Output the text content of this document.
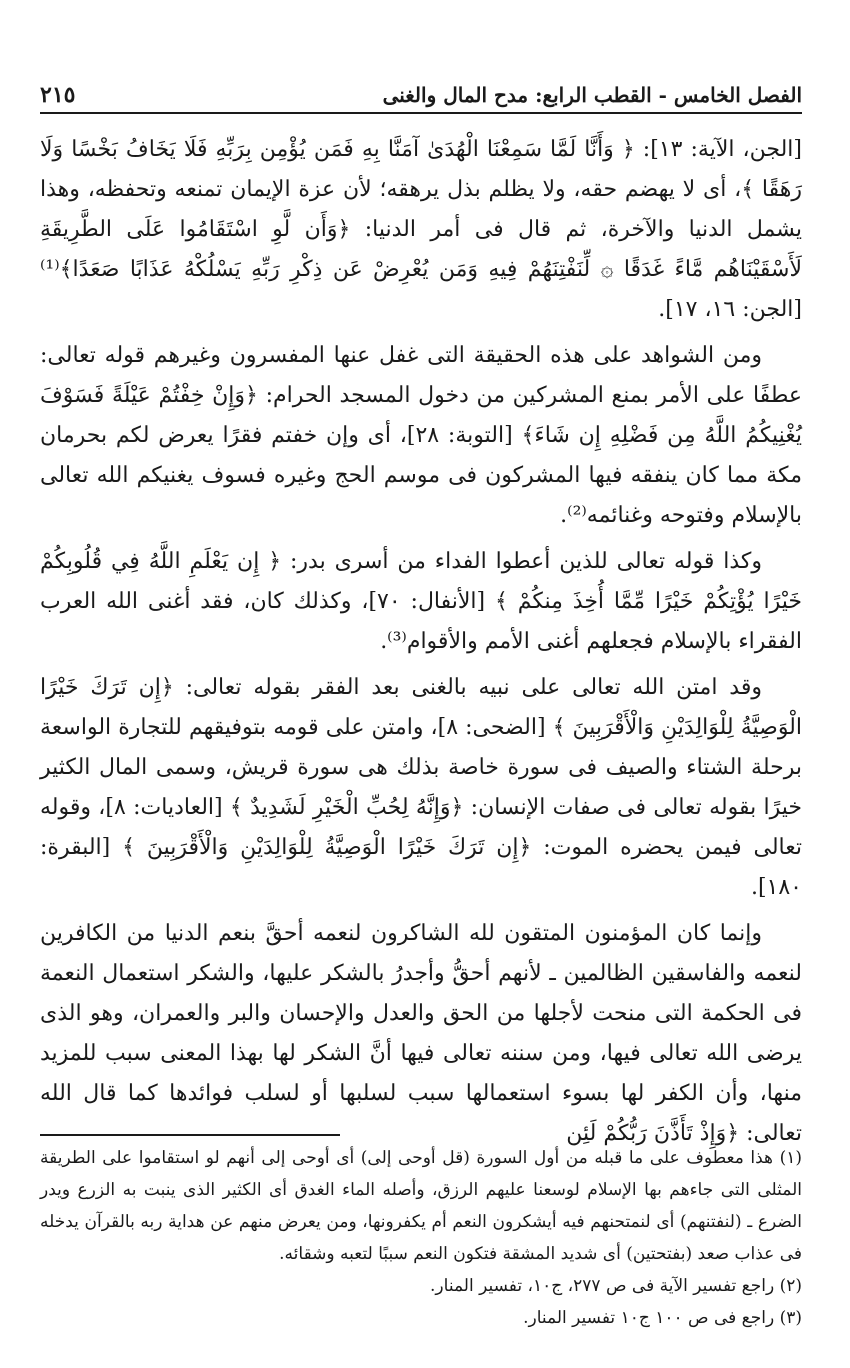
الفصل الخامس - القطب الرابع: مدح المال والغنى
٢١٥

[الجن، الآية: ١٣]: ﴿ وَأَنَّا لَمَّا سَمِعْنَا الْهُدَىٰ آمَنَّا بِهِ فَمَن يُؤْمِن بِرَبِّهِ فَلَا يَخَافُ بَخْسًا وَلَا رَهَقًا ﴾، أى لا يهضم حقه، ولا يظلم بذل يرهقه؛ لأن عزة الإيمان تمنعه وتحفظه، وهذا يشمل الدنيا والآخرة، ثم قال فى أمر الدنيا: ﴿وَأَن لَّوِ اسْتَقَامُوا عَلَى الطَّرِيقَةِ لَأَسْقَيْنَاهُم مَّاءً غَدَقًا ۞ لِّنَفْتِنَهُمْ فِيهِ وَمَن يُعْرِضْ عَن ذِكْرِ رَبِّهِ يَسْلُكْهُ عَذَابًا صَعَدًا﴾⁽¹⁾ [الجن: ١٦، ١٧].

ومن الشواهد على هذه الحقيقة التى غفل عنها المفسرون وغيرهم قوله تعالى: عطفًا على الأمر بمنع المشركين من دخول المسجد الحرام: ﴿وَإِنْ خِفْتُمْ عَيْلَةً فَسَوْفَ يُغْنِيكُمُ اللَّهُ مِن فَضْلِهِ إِن شَاءَ﴾ [التوبة: ٢٨]، أى وإن خفتم فقرًا يعرض لكم بحرمان مكة مما كان ينفقه فيها المشركون فى موسم الحج وغيره فسوف يغنيكم الله تعالى بالإسلام وفتوحه وغنائمه⁽²⁾.

وكذا قوله تعالى للذين أعطوا الفداء من أسرى بدر: ﴿ إِن يَعْلَمِ اللَّهُ فِي قُلُوبِكُمْ خَيْرًا يُؤْتِكُمْ خَيْرًا مِّمَّا أُخِذَ مِنكُمْ ﴾ [الأنفال: ٧٠]، وكذلك كان، فقد أغنى الله العرب الفقراء بالإسلام فجعلهم أغنى الأمم والأقوام⁽³⁾.

وقد امتن الله تعالى على نبيه بالغنى بعد الفقر بقوله تعالى: ﴿إِن تَرَكَ خَيْرًا الْوَصِيَّةُ لِلْوَالِدَيْنِ وَالْأَقْرَبِينَ ﴾ [الضحى: ٨]، وامتن على قومه بتوفيقهم للتجارة الواسعة برحلة الشتاء والصيف فى سورة خاصة بذلك هى سورة قريش، وسمى المال الكثير خيرًا بقوله تعالى فى صفات الإنسان: ﴿وَإِنَّهُ لِحُبِّ الْخَيْرِ لَشَدِيدٌ ﴾ [العاديات: ٨]، وقوله تعالى فيمن يحضره الموت: ﴿إِن تَرَكَ خَيْرًا الْوَصِيَّةُ لِلْوَالِدَيْنِ وَالْأَقْرَبِينَ ﴾ [البقرة: ١٨٠].

وإنما كان المؤمنون المتقون لله الشاكرون لنعمه أحقَّ بنعم الدنيا من الكافرين لنعمه والفاسقين الظالمين ـ لأنهم أحقُّ وأجدرُ بالشكر عليها، والشكر استعمال النعمة فى الحكمة التى منحت لأجلها من الحق والعدل والإحسان والبر والعمران، وهو الذى يرضى الله تعالى فيها، ومن سننه تعالى فيها أنَّ الشكر لها بهذا المعنى سبب للمزيد منها، وأن الكفر لها بسوء استعمالها سبب لسلبها أو لسلب فوائدها كما قال الله تعالى: ﴿وَإِذْ تَأَذَّنَ رَبُّكُمْ لَئِن

(١) هذا معطوف على ما قبله من أول السورة (قل أوحى إلى) أى أوحى إلى أنهم لو استقاموا على الطريقة المثلى التى جاءهم بها الإسلام لوسعنا عليهم الرزق، وأصله الماء الغدق أى الكثير الذى ينبت به الزرع ويدر الضرع ـ (لنفتنهم) أى لنمتحنهم فيه أيشكرون النعم أم يكفرونها، ومن يعرض منهم عن هداية ربه بالقرآن يدخله فى عذاب صعد (بفتحتين) أى شديد المشقة فتكون النعم سببًا لتعبه وشقائه.

(٢) راجع تفسير الآية فى ص ٢٧٧، ج١٠، تفسير المنار.

(٣) راجع فى ص ١٠٠ ج١٠ تفسير المنار.
